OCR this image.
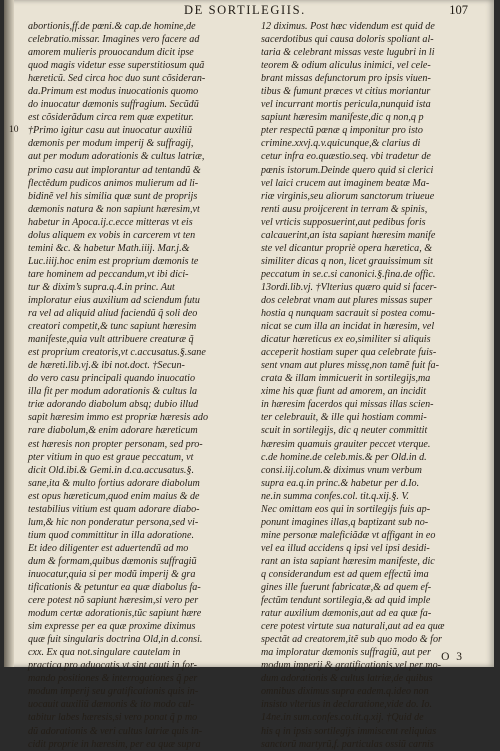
DE SORTILEGIIS.	107
abortionis,ff.de pœni.& cap.de homine,de
celebratio.missar. Imagines vero facere ad
amorem mulieris prouocandum dicit ipse
quod magis videtur esse superstitiosum quã
hæreticũ. Sed circa hoc duo sunt cõsideran-
da.Primum est modus inuocationis quomo
do inuocatur dæmonis suffragium. Secũdũ
est cõsiderãdum circa rem quæ expetitur.
10 †Primo igitur casu aut inuocatur auxiliũ
dæmonis per modum imperij & suffragij,
aut per modum adorationis & cultus latriæ,
primo casu aut implorantur ad tentandũ &
flectẽdum pudicos animos mulierum ad li-
bidinẽ vel his similia quæ sunt de proprijs
dæmonis natura & non sapiunt hæresim,vt
habetur in Apoca.ij.c.ecce mitteras vt eis
dolus aliquem ex vobis in carcerem vt ten
temini &c. & habetur Math.iiij. Mar.j.&
Luc.iiij.hoc enim est proprium dæmonis te
tare hominem ad peccandum,vt ibi dici-
tur & dixim’s supra.q.4.in princ. Aut
imploratur eius auxilium ad sciendum futu
ra vel ad aliquid aliud faciendũ q̃ soli deo
creatori competit,& tunc sapiunt hæresim
manifeste,quia vult attribuere creaturæ q̃
est proprium creatoris,vt c.accusatus.§.sane
de hæreti.lib.vj.& ibi not.doct. †Secun-
do vero casu principali quando inuocatio
illa fit per modum adorationis & cultus la
triæ adorando diabolum absq; dubio illud
sapit hæresim immo est propriæ hæresis ado
rare diabolum,& enim adorare hæreticum
est hæresis non propter personam, sed pro-
pter vitium in quo est graue peccatum, vt
dicit Old.ibi.& Gemi.in d.ca.accusatus.§.
sane,ita & multo fortius adorare diabolum
est opus hæreticum,quod enim maius & de
testabilius vitium est quam adorare diabo-
lum,& hic non ponderatur persona,sed vi-
tium quod committitur in illa adoratione.
Et ideo diligenter est aduertendũ ad mo
dum & formam,quibus dæmonis suffragiũ
inuocatur,quia si per modũ imperij & gra
tificationis & petuntur ea quæ diabolus fa-
cere potest nõ sapiunt hæresim,si vero per
modum certæ adorationis,tũc sapiunt hære
sim expresse per ea quæ proxime diximus
quæ fuit singularis doctrina Old,in d.consi.
cxx. Ex qua not.singulare cautelam in
practica pro aduocatis vt sint cauti in for-
mando positiones & interrogationes q̃ per
modum imperij seu gratificationis quis in-
uocauit auxiliũ dæmonis & ito modo cul-
tabitur labes hæresis,si vero ponat q̃ p mo
dũ adorationis & veri cultus latriæ quis in-
cidit proprie in hæresim, per ea quæ supra
12 diximus. Post hæc videndum est quid de
sacerdotibus qui causa doloris spoliant al-
taria & celebrant missas veste lugubri in li
teorem & odium aliculus inimici, vel cele-
brant missas defunctorum pro ipsis viuen-
tibus & fumunt præces vt citius moriantur
vel incurrant mortis pericula,nunquid ista
sapiunt hæresim manifeste,dic q non,q p
pter respectũ pœnæ q imponitur pro isto
crimine.xxvj.q.v.quicunque,& clarius di
cetur infra eo.quæstio.seq. vbi tradetur de
pœnis istorum.Deinde quero quid si clerici
vel laici crucem aut imaginem beatæ Ma-
riæ virginis,seu aliorum sanctorum triueue
renti ausu proijcerent in terram & spinis,
vel vrticis supposuerint,aut pedibus foris
calcauerint,an ista sapiant hæresim manife
ste vel dicantur propriè opera hæretica, &
similiter dicas q non, licet grauissimum sit
peccatum in se.c.si canonici.§.fina.de offic.
13ordi.lib.vj. †Vlterius quæro quid si facer-
dos celebrat vnam aut plures missas super
hostia q nunquam sacrauit si postea comu-
nicat se cum illa an incidat in hæresim, vel
dicatur hæreticus ex eo,similiter si aliquis
acceperit hostiam super qua celebrate fuis-
sent vnam aut plures missę,non tamẽ fuit fa-
crata & illam immicuerit in sortilegijs,ma
xime his quæ fiunt ad amorem, an incidit
in hæresim facerdos qui missas illas scien-
ter celebrauit, & ille qui hostiam commi-
scuit in sortilegijs, dic q neuter committit
hæresim quamuis grauiter peccet vterque.
c.de homine.de celeb.mis.& per Old.in d.
consi.iij.colum.& diximus vnum verbum
supra ea.q.in princ.& habetur per d.Io.
ne.in summa confes.col. tit.q.xij.§. V.
Nec omittam eos qui in sortilegijs fuis ap-
ponunt imagines illas,q baptizant sub no-
mine personæ maleficiãdæ vt affigant in eo
vel ea illud accidens q ipsi vel ipsi desidi-
rant an ista sapiant hæresim manifeste, dic
q considerandum est ad quem effectũ ima
gines ille fuerunt fabricatæ,& ad quem ef-
fectũm tendunt sortilegia,& ad quid imple
ratur auxilium dæmonis,aut ad ea quæ fa-
cere potest virtute sua naturali,aut ad ea quæ
spectãt ad creatorem,itẽ sub quo modo & for
ma imploratur dæmonis suffragiũ, aut per
modum imperij & gratificationis,vel per mo-
dum adorationis & cultus latriæ,de quibus
omnibus diximus supra eadem.q.ideo non
insisto vlterius in declaratione,vide do. Io.
14ne.in sum.confes.co.tit.q.xij. †Quid de
his q in ipsis sortilegijs immiscent reliquias
sanctorũ martyrũ,f. particulas ossiũ carnis
O 3
